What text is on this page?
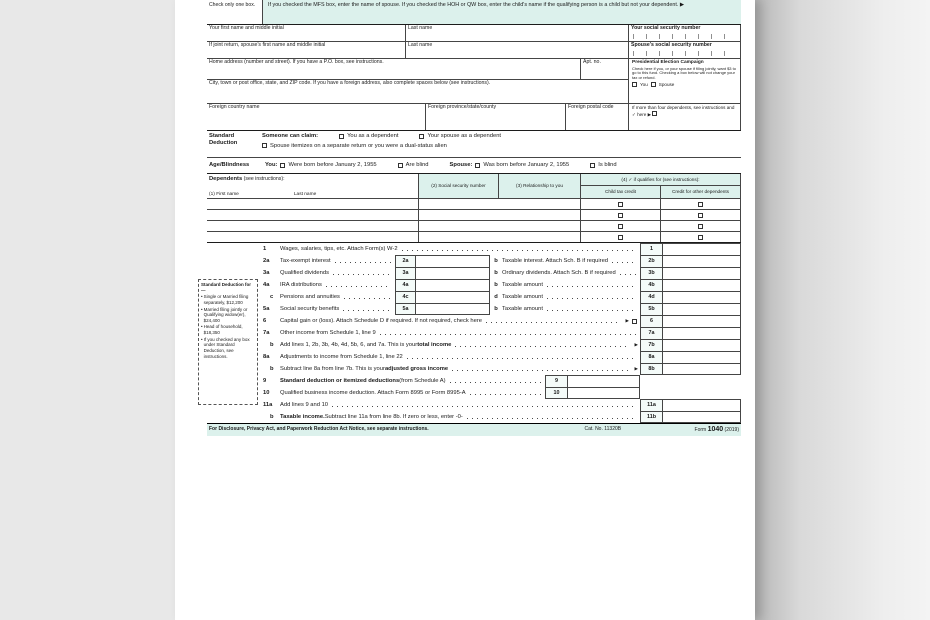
Check only one box.	If you checked the MFS box, enter the name of spouse. If you checked the HOH or QW box, enter the child's name if the qualifying person is a child but not your dependent. ▶
Your first name and middle initial	Last name	Your social security number
If joint return, spouse's first name and middle initial	Last name	Spouse's social security number
Home address (number and street). If you have a P.O. box, see instructions.	Apt. no.
City, town or post office, state, and ZIP code. If you have a foreign address, also complete spaces below (see instructions).
Presidential Election Campaign
Check here if you, or your spouse if filing jointly, want $3 to go to this fund. Checking a box below will not change your tax or refund.
You Spouse
Foreign country name	Foreign province/state/county	Foreign postal code	If more than four dependents, see instructions and ✓ here ▶
Standard Deduction
Someone can claim:	You as a dependent	Your spouse as a dependent
Spouse itemizes on a separate return or you were a dual-status alien
Age/Blindness	You: Were born before January 2, 1955	Are blind	Spouse: Was born before January 2, 1955	Is blind
Dependents (see instructions):
(1) First name	Last name
(2) Social security number	(3) Relationship to you
(4) ✓ if qualifies for (see instructions):
Child tax credit	Credit for other dependents
1	Wages, salaries, tips, etc. Attach Form(s) W-2	1
2a	Tax-exempt interest	2a	b Taxable interest. Attach Sch. B if required	2b
3a	Qualified dividends	3a	b Ordinary dividends. Attach Sch. B if required	3b
4a	IRA distributions	4a	b Taxable amount	4b
c	Pensions and annuities	4c	d Taxable amount	4d
5a	Social security benefits	5a	b Taxable amount	5b
6	Capital gain or (loss). Attach Schedule D if required. If not required, check here	▶	6
7a	Other income from Schedule 1, line 9	7a
b	Add lines 1, 2b, 3b, 4b, 4d, 5b, 6, and 7a. This is your total income	▶	7b
8a	Adjustments to income from Schedule 1, line 22	8a
b	Subtract line 8a from line 7b. This is your adjusted gross income	▶	8b
9	Standard deduction or itemized deductions (from Schedule A)	9
10	Qualified business income deduction. Attach Form 8995 or Form 8995-A	10
11a	Add lines 9 and 10	11a
b	Taxable income. Subtract line 11a from line 8b. If zero or less, enter -0-	11b
Standard Deduction for—
• Single or Married filing separately, $12,200
• Married filing jointly or Qualifying widow(er), $24,400
• Head of household, $18,350
• If you checked any box under Standard Deduction, see instructions.
For Disclosure, Privacy Act, and Paperwork Reduction Act Notice, see separate instructions.	Cat. No. 11320B	Form 1040 (2019)
